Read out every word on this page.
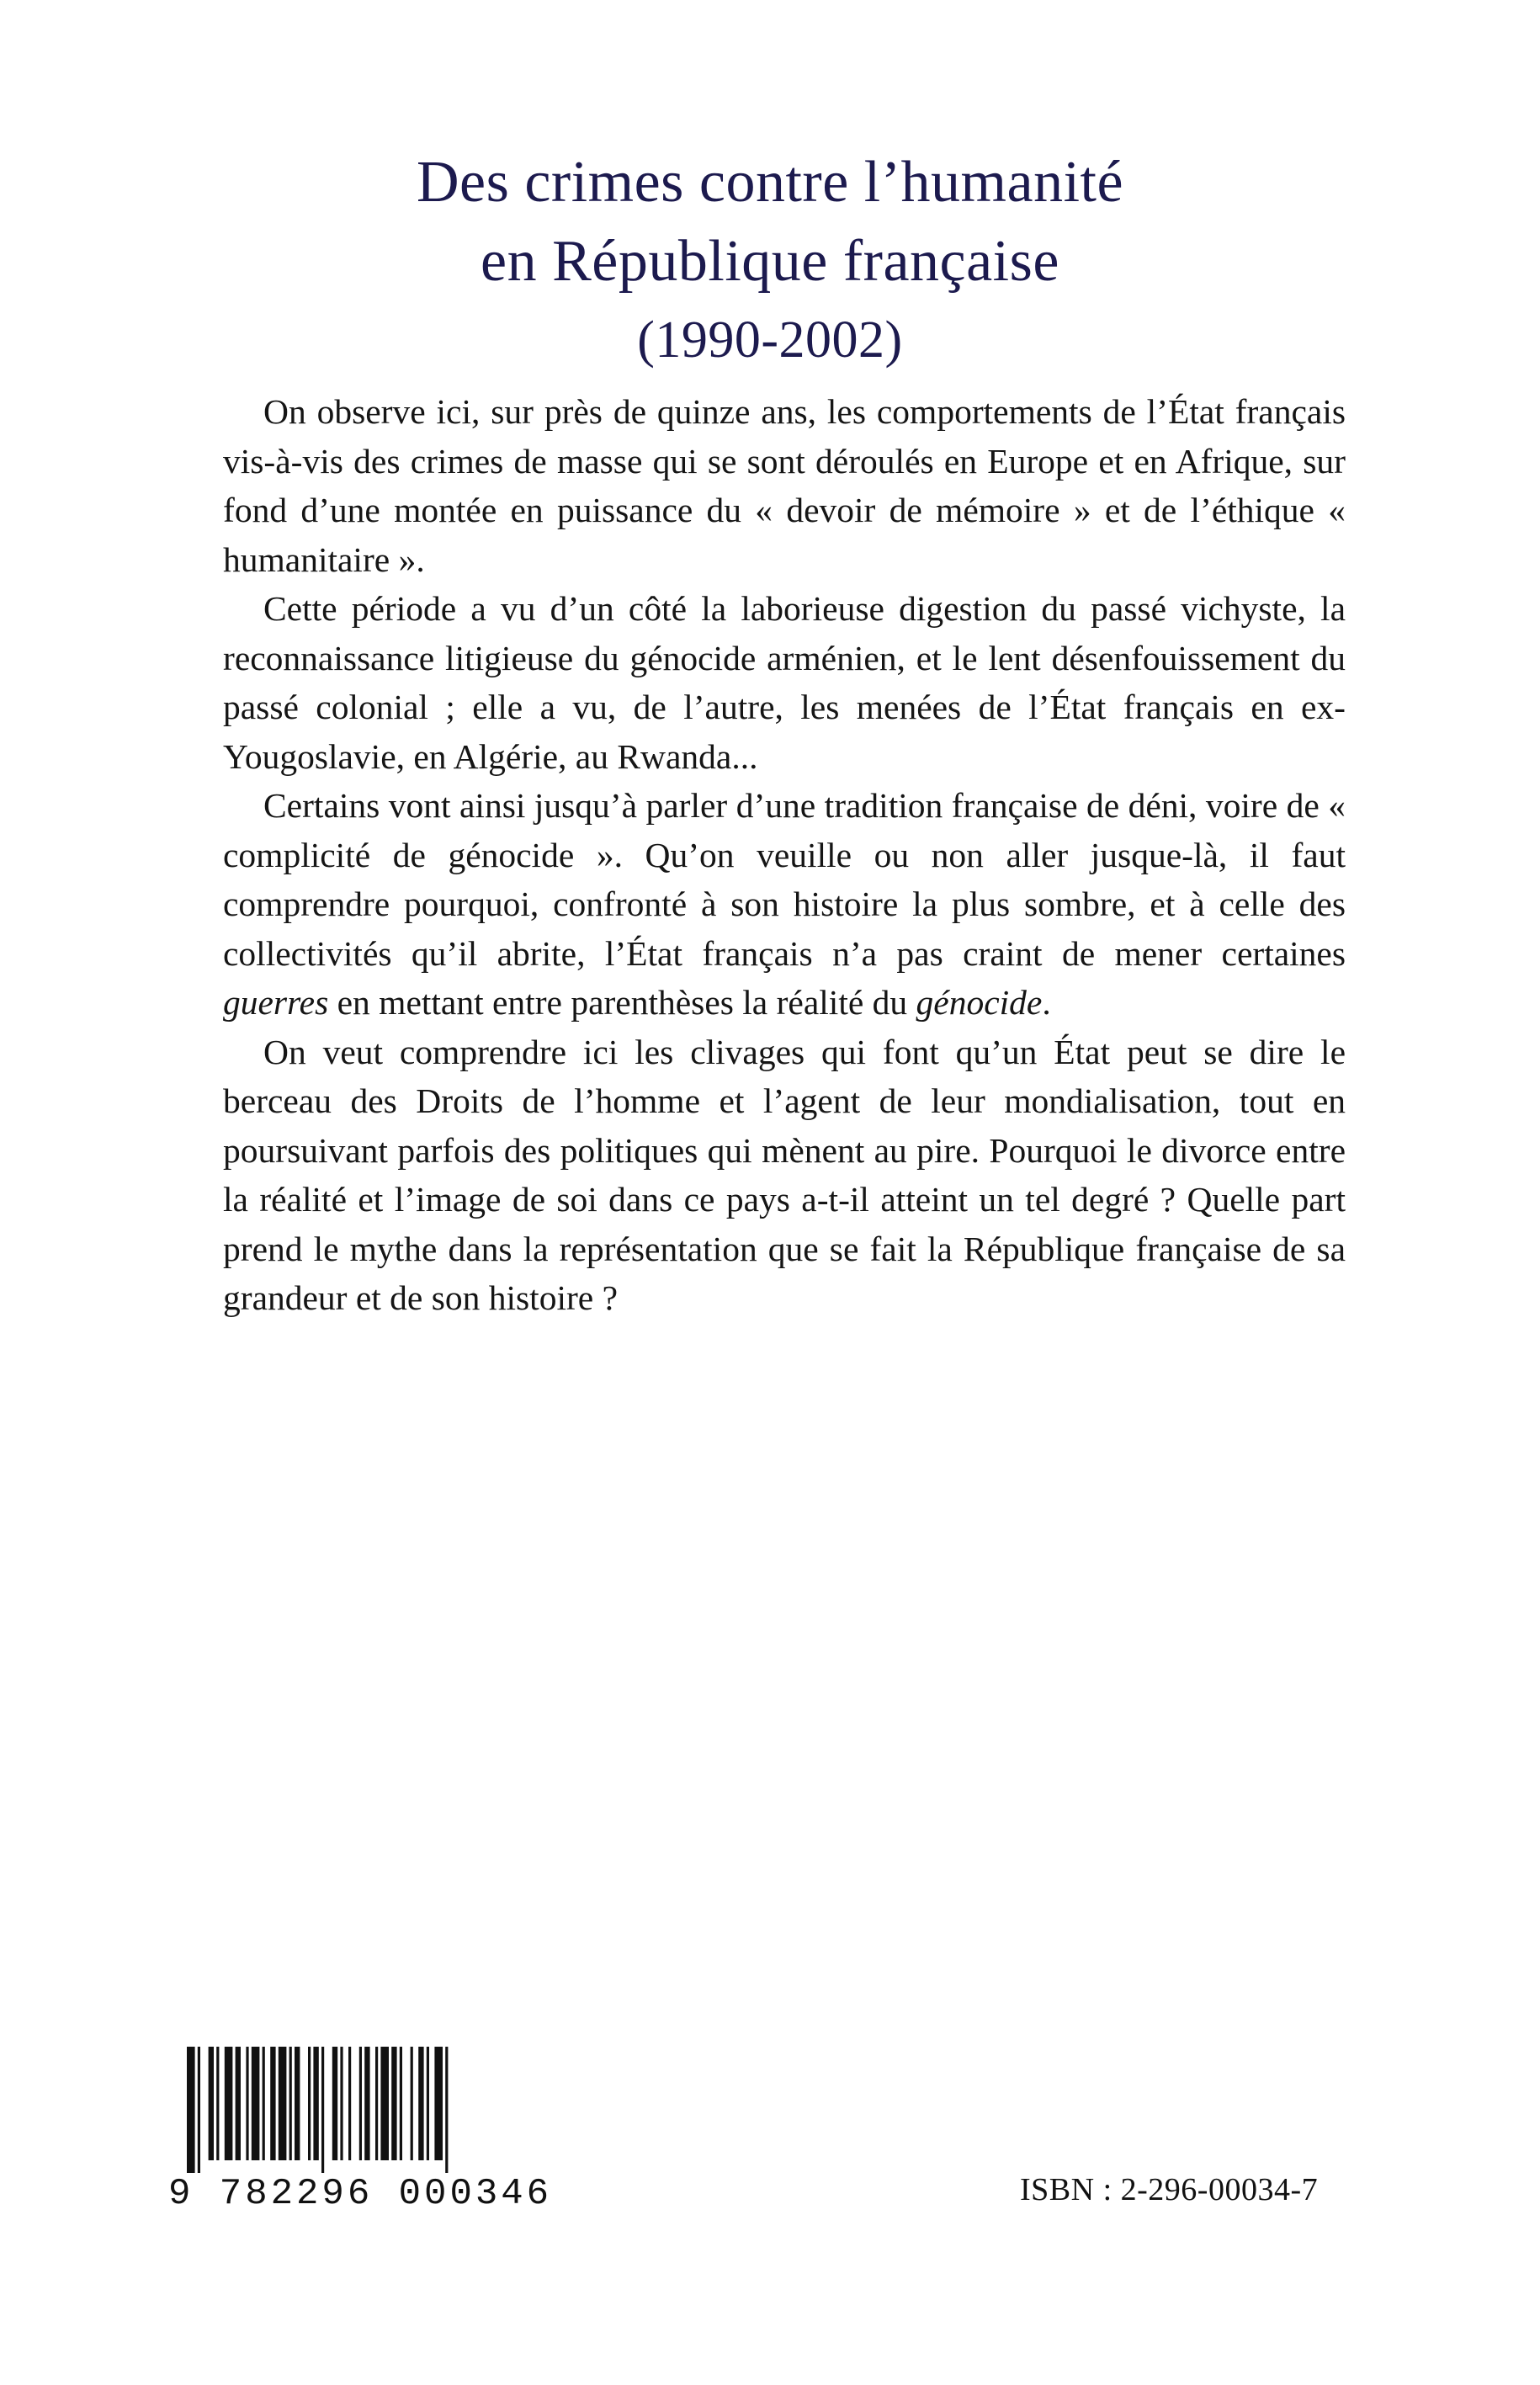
Des crimes contre l’humanité
en République française
(1990-2002)

On observe ici, sur près de quinze ans, les comportements de l’État français vis-à-vis des crimes de masse qui se sont déroulés en Europe et en Afrique, sur fond d’une montée en puissance du « devoir de mémoire » et de l’éthique « humanitaire ».

Cette période a vu d’un côté la laborieuse digestion du passé vichyste, la reconnaissance litigieuse du génocide arménien, et le lent désenfouissement du passé colonial ; elle a vu, de l’autre, les menées de l’État français en ex-Yougoslavie, en Algérie, au Rwanda...

Certains vont ainsi jusqu’à parler d’une tradition française de déni, voire de « complicité de génocide ». Qu’on veuille ou non aller jusque-là, il faut comprendre pourquoi, confronté à son histoire la plus sombre, et à celle des collectivités qu’il abrite, l’État français n’a pas craint de mener certaines guerres en mettant entre parenthèses la réalité du génocide.

On veut comprendre ici les clivages qui font qu’un État peut se dire le berceau des Droits de l’homme et l’agent de leur mondialisation, tout en poursuivant parfois des politiques qui mènent au pire. Pourquoi le divorce entre la réalité et l’image de soi dans ce pays a-t-il atteint un tel degré ? Quelle part prend le mythe dans la représentation que se fait la République française de sa grandeur et de son histoire ?

9 782296 000346	ISBN : 2-296-00034-7
